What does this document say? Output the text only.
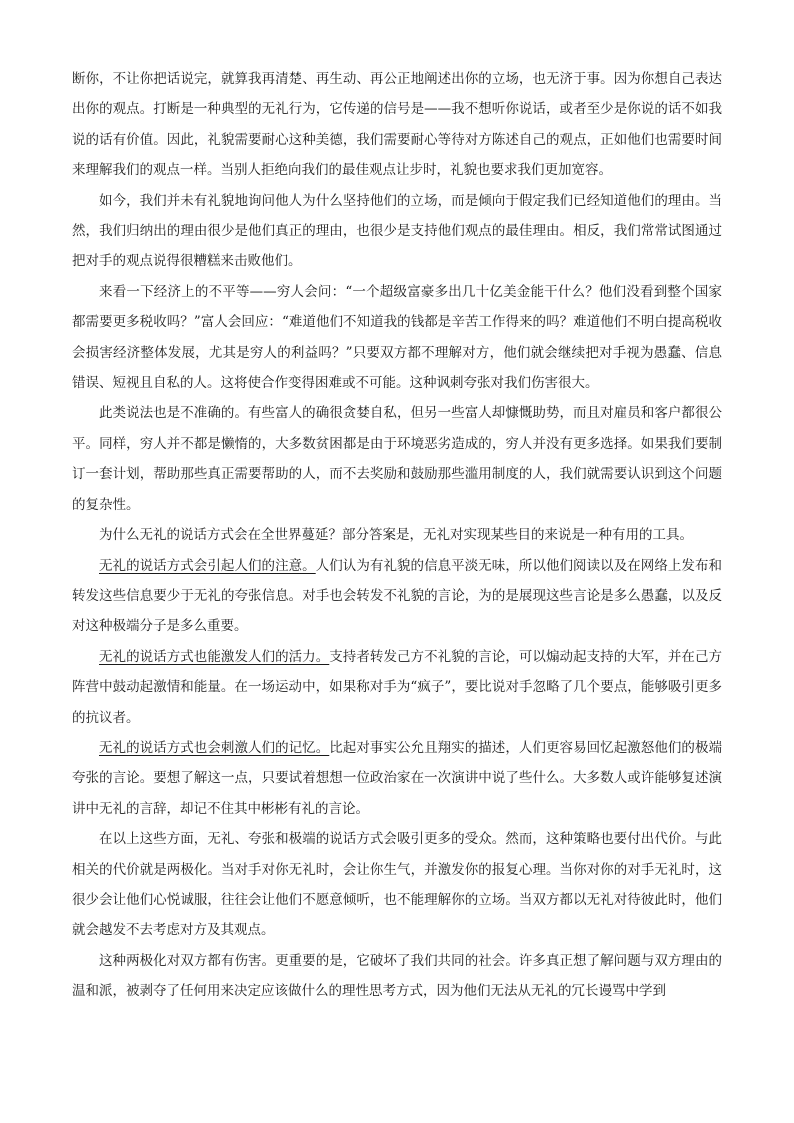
断你，不让你把话说完，就算我再清楚、再生动、再公正地阐述出你的立场，也无济于事。因为你想自己表达出你的观点。打断是一种典型的无礼行为，它传递的信号是——我不想听你说话，或者至少是你说的话不如我说的话有价值。因此，礼貌需要耐心这种美德，我们需要耐心等待对方陈述自己的观点，正如他们也需要时间来理解我们的观点一样。当别人拒绝向我们的最佳观点让步时，礼貌也要求我们更加宽容。

如今，我们并未有礼貌地询问他人为什么坚持他们的立场，而是倾向于假定我们已经知道他们的理由。当然，我们归纳出的理由很少是他们真正的理由，也很少是支持他们观点的最佳理由。相反，我们常常试图通过把对手的观点说得很糟糕来击败他们。

来看一下经济上的不平等——穷人会问：“一个超级富豪多出几十亿美金能干什么？他们没看到整个国家都需要更多税收吗？”富人会回应：“难道他们不知道我的钱都是辛苦工作得来的吗？难道他们不明白提高税收会损害经济整体发展，尤其是穷人的利益吗？”只要双方都不理解对方，他们就会继续把对手视为愚蠢、信息错误、短视且自私的人。这将使合作变得困难或不可能。这种讽刺夸张对我们伤害很大。

此类说法也是不准确的。有些富人的确很贪婪自私，但另一些富人却慷慨助势，而且对雇员和客户都很公平。同样，穷人并不都是懒惰的，大多数贫困都是由于环境恶劣造成的，穷人并没有更多选择。如果我们要制订一套计划，帮助那些真正需要帮助的人，而不去奖励和鼓励那些滥用制度的人，我们就需要认识到这个问题的复杂性。

为什么无礼的说话方式会在全世界蔓延？部分答案是，无礼对实现某些目的来说是一种有用的工具。

无礼的说话方式会引起人们的注意。人们认为有礼貌的信息平淡无味，所以他们阅读以及在网络上发布和转发这些信息要少于无礼的夸张信息。对手也会转发不礼貌的言论，为的是展现这些言论是多么愚蠢，以及反对这种极端分子是多么重要。

无礼的说话方式也能激发人们的活力。支持者转发己方不礼貌的言论，可以煽动起支持的大军，并在己方阵营中鼓动起激情和能量。在一场运动中，如果称对手为“疯子”，要比说对手忽略了几个要点，能够吸引更多的抗议者。

无礼的说话方式也会刺激人们的记忆。比起对事实公允且翔实的描述，人们更容易回忆起激怒他们的极端夸张的言论。要想了解这一点，只要试着想想一位政治家在一次演讲中说了些什么。大多数人或许能够复述演讲中无礼的言辞，却记不住其中彬彬有礼的言论。

在以上这些方面，无礼、夸张和极端的说话方式会吸引更多的受众。然而，这种策略也要付出代价。与此相关的代价就是两极化。当对手对你无礼时，会让你生气，并激发你的报复心理。当你对你的对手无礼时，这很少会让他们心悦诚服，往往会让他们不愿意倾听，也不能理解你的立场。当双方都以无礼对待彼此时，他们就会越发不去考虑对方及其观点。

这种两极化对双方都有伤害。更重要的是，它破坏了我们共同的社会。许多真正想了解问题与双方理由的温和派，被剥夺了任何用来决定应该做什么的理性思考方式，因为他们无法从无礼的冗长谩骂中学到
